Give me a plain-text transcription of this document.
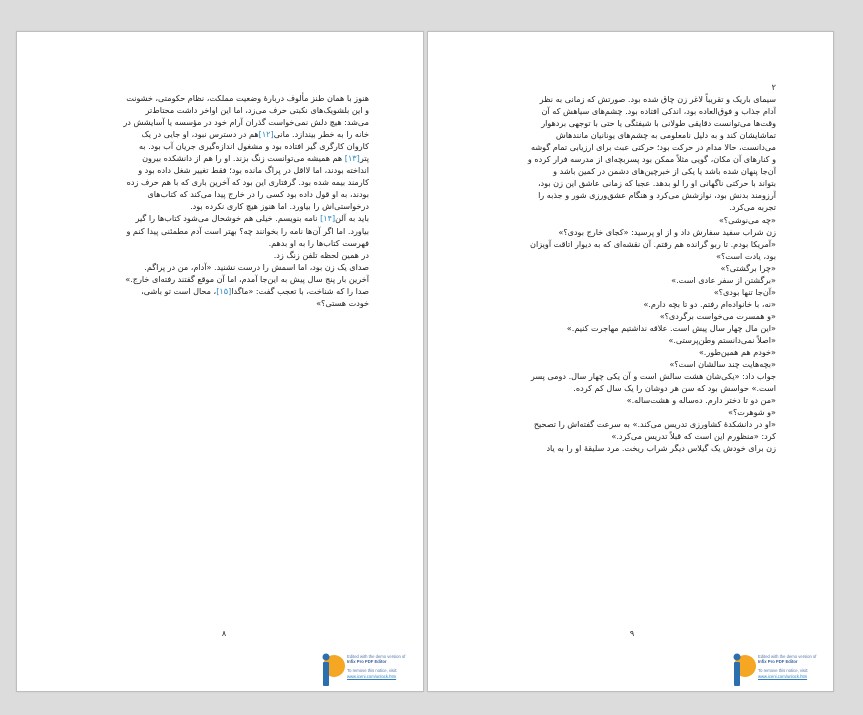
هنوز با همان طنز مألوف دربارهٔ وضعیت مملکت، نظام حکومتی، خشونت
و این بلشویک‌های نکبتی حرف می‌زد، اما این اواخر داشت محتاط‌تر
می‌شد: هیچ دلش نمی‌خواست گذران آرام خود در مؤسسه یا آسایشش در
خانه را به خطر بیندازد. مانی[۱۲]هم در دسترس نبود، او جایی در یک
کاروان کارگری گیر افتاده بود و مشغول اندازه‌گیری جریان آب بود. به
پتر[۱۳] هم همیشه می‌توانست زنگ بزند. او را هم از دانشکده بیرون
انداخته بودند، اما لااقل در پراگ مانده بود؛ فقط تغییر شغل داده بود و
کارمند بیمه شده بود. گرفتاری این بود که آخرین باری که با هم حرف زده
بودند، به او قول داده بود کسی را در خارج پیدا می‌کند که کتاب‌های
درخواستی‌اش را بیاورد. اما هنوز هیچ کاری نکرده بود.
باید به آلن[۱۴] نامه بنویسم. خیلی هم خوشحال می‌شود کتاب‌ها را گیر
بیاورد. اما اگر آن‌ها نامه را بخوانند چه؟ بهتر است آدم مطمئنی پیدا کنم و
فهرست کتاب‌ها را به او بدهم.
در همین لحظه تلفن زنگ زد.
صدای یک زن بود، اما اسمش را درست نشنید. «آدام، من در پراگم.
آخرین بار پنج سال پیش به این‌جا آمدم، اما آن موقع گفتند رفته‌ای خارج.»
صدا را که شناخت، با تعجب گفت: «ماگدا[۱۵]، محال است تو باشی،
خودت هستی؟»
۸
Edited with the demo version of
Infix Pro PDF Editor
To remove this notice, visit:
www.iceni.com/unlock.htm
۲
سیمای باریک و تقریباً لاغر زن چاق شده بود. صورتش که زمانی به نظر
آدام جذاب و فوق‌العاده بود، اندکی افتاده بود. چشم‌های سیاهش که آن
وقت‌ها می‌توانست دقایقی طولانی با شیفتگی یا حتی با توجهی بردهوار
تماشایشان کند و به دلیل نامعلومی به چشم‌های یونانیان مانندهاش
می‌دانست، حالا مدام در حرکت بود؛ حرکتی عبث برای ارزیابی تمام گوشه
و کنارهای آن مکان، گویی مثلاً ممکن بود پسربچه‌ای از مدرسه فرار کرده و
آن‌جا پنهان شده باشد یا یکی از خبرچین‌های دشمن در کمین باشد و
بتواند با حرکتی ناگهانی او را لو بدهد. عجبا که زمانی عاشق این زن بود،
آرزومند بدنش بود، نوازشش می‌کرد و هنگام عشق‌ورزی شور و جذبه را
تجربه می‌کرد.
«چه می‌نوشی؟»
زن شراب سفید سفارش داد و از او پرسید: «کجای خارج بودی؟»
«آمریکا بودم. تا ربو گرانده هم رفتم. آن نقشه‌ای که به دیوار اتاقت آویزان
بود، یادت است؟»
«چرا برگشتی؟»
«برگشتن از سفر عادی است.»
«آن‌جا تنها بودی؟»
«نه، با خانواده‌ام رفتم. دو تا بچه دارم.»
«و همسرت می‌خواست برگردی؟»
«این مال چهار سال پیش است. علاقه نداشتیم مهاجرت کنیم.»
«اصلاً نمی‌دانستم وطن‌پرستی.»
«خودم هم همین‌طور.»
«بچه‌هایت چند سالشان است؟»
جواب داد: «یکی‌شان هشت سالش است و آن یکی چهار سال. دومی پسر
است.» حواسش بود که سن هر دوشان را یک سال کم کرده.
«من دو تا دختر دارم. ده‌ساله و هشت‌ساله.»
«و شوهرت؟»
«او در دانشکدهٔ کشاورزی تدریس می‌کند.» به سرعت گفته‌اش را تصحیح
کرد: «منظورم این است که قبلاً تدریس می‌کرد.»
زن برای خودش یک گیلاس دیگر شراب ریخت. مرد سلیقهٔ او را به یاد
۹
Edited with the demo version of
Infix Pro PDF Editor
To remove this notice, visit:
www.iceni.com/unlock.htm
